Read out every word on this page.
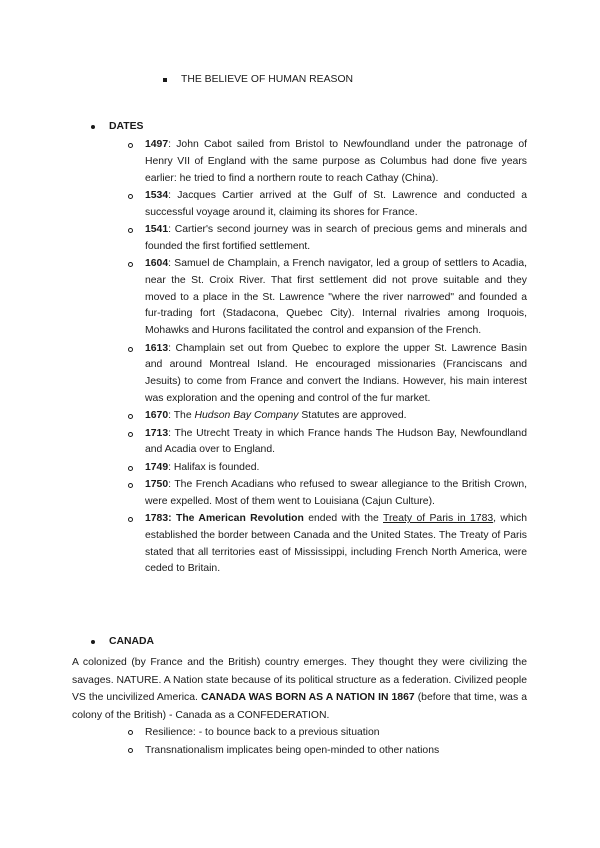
THE BELIEVE OF HUMAN REASON
DATES
1497: John Cabot sailed from Bristol to Newfoundland under the patronage of Henry VII of England with the same purpose as Columbus had done five years earlier: he tried to find a northern route to reach Cathay (China).
1534: Jacques Cartier arrived at the Gulf of St. Lawrence and conducted a successful voyage around it, claiming its shores for France.
1541: Cartier's second journey was in search of precious gems and minerals and founded the first fortified settlement.
1604: Samuel de Champlain, a French navigator, led a group of settlers to Acadia, near the St. Croix River. That first settlement did not prove suitable and they moved to a place in the St. Lawrence "where the river narrowed" and founded a fur-trading fort (Stadacona, Quebec City). Internal rivalries among Iroquois, Mohawks and Hurons facilitated the control and expansion of the French.
1613: Champlain set out from Quebec to explore the upper St. Lawrence Basin and around Montreal Island. He encouraged missionaries (Franciscans and Jesuits) to come from France and convert the Indians. However, his main interest was exploration and the opening and control of the fur market.
1670: The Hudson Bay Company Statutes are approved.
1713: The Utrecht Treaty in which France hands The Hudson Bay, Newfoundland and Acadia over to England.
1749: Halifax is founded.
1750: The French Acadians who refused to swear allegiance to the British Crown, were expelled. Most of them went to Louisiana (Cajun Culture).
1783: The American Revolution ended with the Treaty of Paris in 1783, which established the border between Canada and the United States. The Treaty of Paris stated that all territories east of Mississippi, including French North America, were ceded to Britain.
CANADA
A colonized (by France and the British) country emerges. They thought they were civilizing the savages. NATURE. A Nation state because of its political structure as a federation. Civilized people VS the uncivilized America. CANADA WAS BORN AS A NATION IN 1867 (before that time, was a colony of the British) - Canada as a CONFEDERATION.
Resilience: - to bounce back to a previous situation
Transnationalism implicates being open-minded to other nations
